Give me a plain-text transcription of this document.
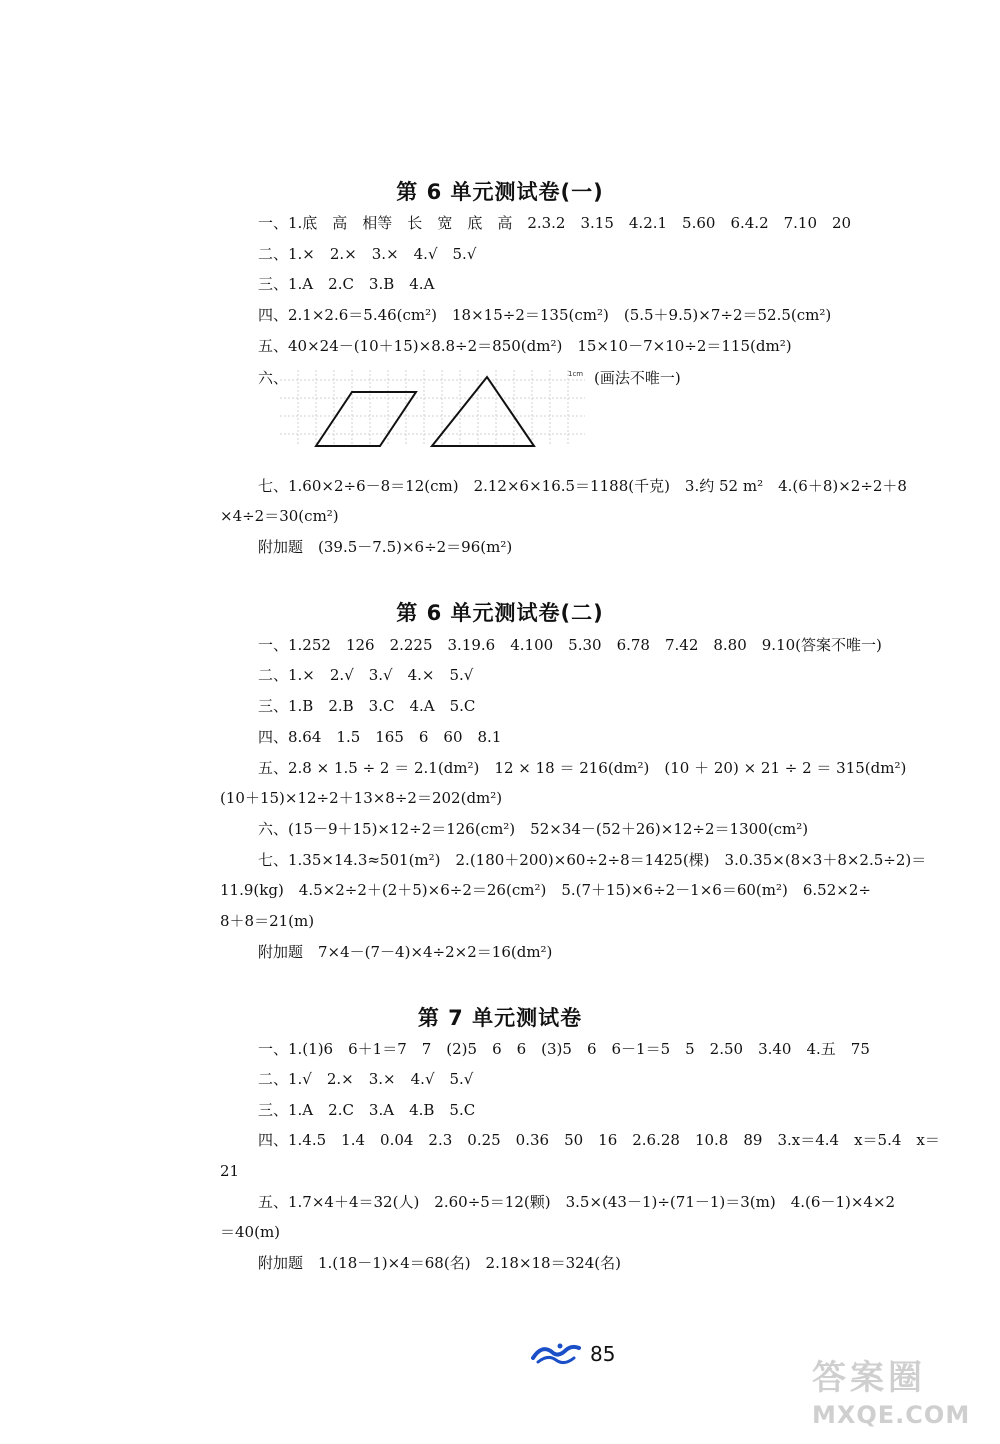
第 6 单元测试卷(一)
一、1.底　高　相等　长　宽　底　高　2.3.2　3.15　4.2.1　5.60　6.4.2　7.10　20
二、1.×　2.×　3.×　4.√　5.√
三、1.A　2.C　3.B　4.A
四、2.1×2.6＝5.46(cm²)　18×15÷2＝135(cm²)　(5.5＋9.5)×7÷2＝52.5(cm²)
五、40×24－(10＋15)×8.8÷2＝850(dm²)　15×10－7×10÷2＝115(dm²)
六、	(画法不唯一)
1cm
七、1.60×2÷6－8＝12(cm)　2.12×6×16.5＝1188(千克)　3.约 52 m²　4.(6＋8)×2÷2＋8
×4÷2＝30(cm²)
附加题　(39.5－7.5)×6÷2＝96(m²)
第 6 单元测试卷(二)
一、1.252　126　2.225　3.19.6　4.100　5.30　6.78　7.42　8.80　9.10(答案不唯一)
二、1.×　2.√　3.√　4.×　5.√
三、1.B　2.B　3.C　4.A　5.C
四、8.64　1.5　165　6　60　8.1
五、2.8 × 1.5 ÷ 2 ＝ 2.1(dm²)　12 × 18 ＝ 216(dm²)　(10 ＋ 20) × 21 ÷ 2 ＝ 315(dm²)
(10＋15)×12÷2＋13×8÷2＝202(dm²)
六、(15－9＋15)×12÷2＝126(cm²)　52×34－(52＋26)×12÷2＝1300(cm²)
七、1.35×14.3≈501(m²)　2.(180＋200)×60÷2÷8＝1425(棵)　3.0.35×(8×3＋8×2.5÷2)＝
11.9(kg)　4.5×2÷2＋(2＋5)×6÷2＝26(cm²)　5.(7＋15)×6÷2－1×6＝60(m²)　6.52×2÷
8＋8＝21(m)
附加题　7×4－(7－4)×4÷2×2＝16(dm²)
第 7 单元测试卷
一、1.(1)6　6＋1＝7　7　(2)5　6　6　(3)5　6　6－1＝5　5　2.50　3.40　4.五　75
二、1.√　2.×　3.×　4.√　5.√
三、1.A　2.C　3.A　4.B　5.C
四、1.4.5　1.4　0.04　2.3　0.25　0.36　50　16　2.6.28　10.8　89　3.x＝4.4　x＝5.4　x＝
21
五、1.7×4＋4＝32(人)　2.60÷5＝12(颗)　3.5×(43－1)÷(71－1)＝3(m)　4.(6－1)×4×2
＝40(m)
附加题　1.(18－1)×4＝68(名)　2.18×18＝324(名)
85
答案圈
MXQE.COM
